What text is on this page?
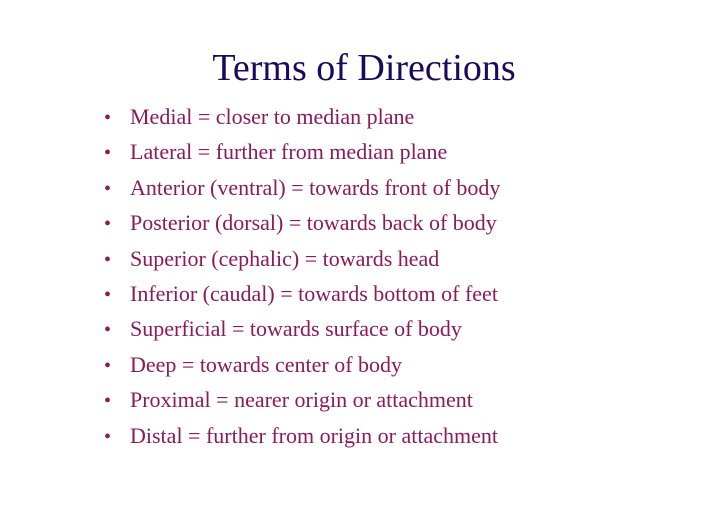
Terms of Directions
• Medial = closer to median plane
• Lateral = further from median plane
• Anterior (ventral) = towards front of body
• Posterior (dorsal) = towards back of body
• Superior (cephalic) = towards head
• Inferior (caudal) = towards bottom of feet
• Superficial = towards surface of body
• Deep = towards center of body
• Proximal = nearer origin or attachment
• Distal = further from origin or attachment
